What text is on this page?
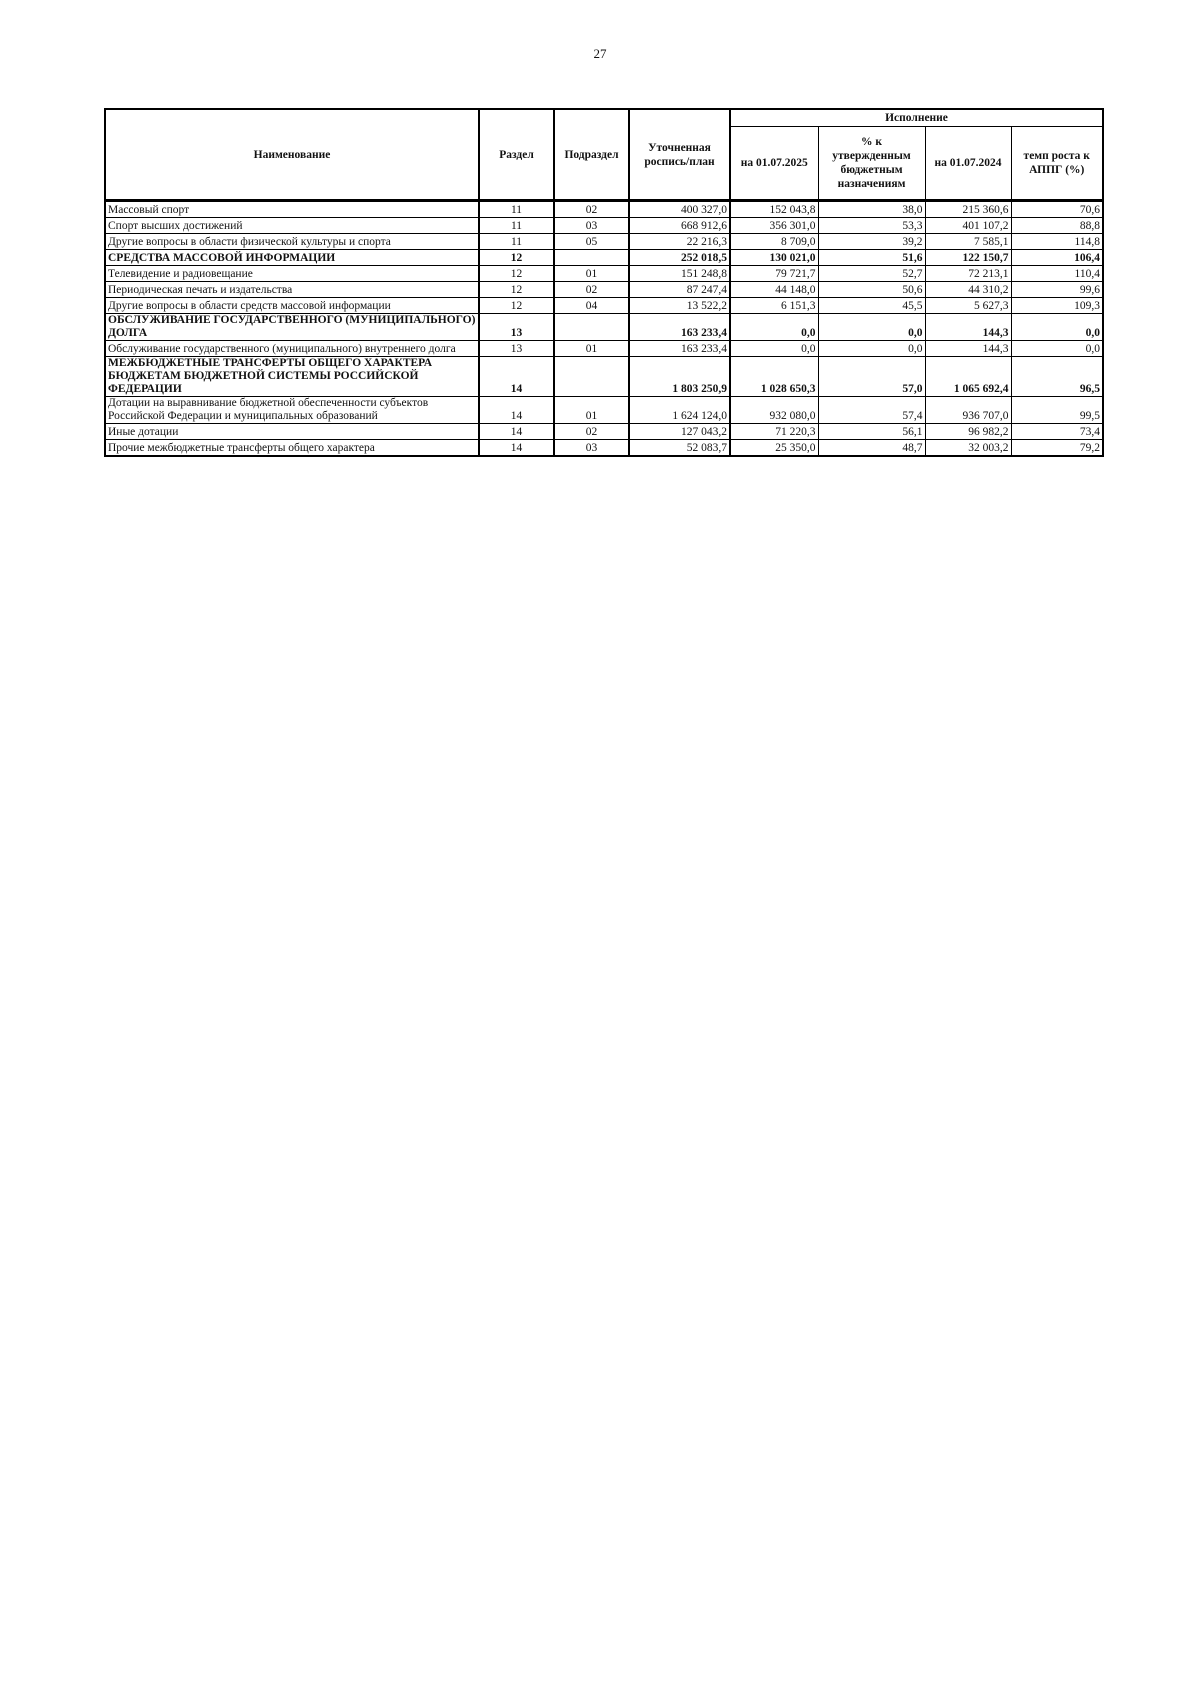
27
Наименование	Раздел	Подраздел	Уточненная роспись/план	Исполнение			
				на 01.07.2025	% к утвержденным бюджетным назначениям	на 01.07.2024	темп роста к АППГ (%)
Массовый спорт	11	02	400 327,0	152 043,8	38,0	215 360,6	70,6
Спорт высших достижений	11	03	668 912,6	356 301,0	53,3	401 107,2	88,8
Другие вопросы в области физической культуры и спорта	11	05	22 216,3	8 709,0	39,2	7 585,1	114,8
СРЕДСТВА МАССОВОЙ ИНФОРМАЦИИ	12		252 018,5	130 021,0	51,6	122 150,7	106,4
Телевидение и радиовещание	12	01	151 248,8	79 721,7	52,7	72 213,1	110,4
Периодическая печать и издательства	12	02	87 247,4	44 148,0	50,6	44 310,2	99,6
Другие вопросы в области средств массовой информации	12	04	13 522,2	6 151,3	45,5	5 627,3	109,3
ОБСЛУЖИВАНИЕ ГОСУДАРСТВЕННОГО (МУНИЦИПАЛЬНОГО) ДОЛГА	13		163 233,4	0,0	0,0	144,3	0,0
Обслуживание государственного (муниципального) внутреннего долга	13	01	163 233,4	0,0	0,0	144,3	0,0
МЕЖБЮДЖЕТНЫЕ ТРАНСФЕРТЫ ОБЩЕГО ХАРАКТЕРА БЮДЖЕТАМ БЮДЖЕТНОЙ СИСТЕМЫ РОССИЙСКОЙ ФЕДЕРАЦИИ	14		1 803 250,9	1 028 650,3	57,0	1 065 692,4	96,5
Дотации на выравнивание бюджетной обеспеченности субъектов Российской Федерации и муниципальных образований	14	01	1 624 124,0	932 080,0	57,4	936 707,0	99,5
Иные дотации	14	02	127 043,2	71 220,3	56,1	96 982,2	73,4
Прочие межбюджетные трансферты общего характера	14	03	52 083,7	25 350,0	48,7	32 003,2	79,2
